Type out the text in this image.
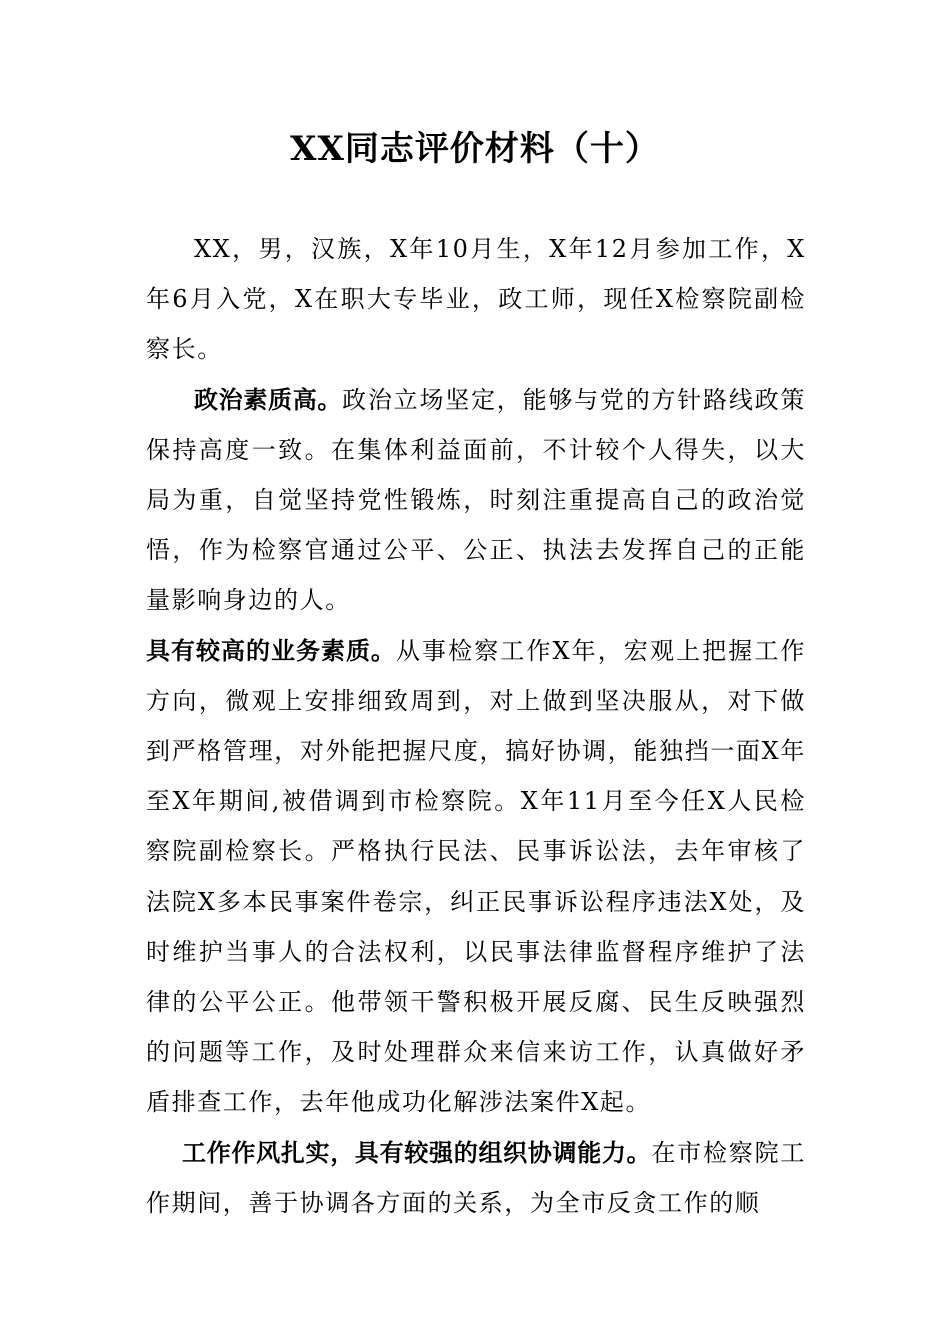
XX同志评价材料（十）

XX，男，汉族，X年10月生，X年12月参加工作，X年6月入党，X在职大专毕业，政工师，现任X检察院副检察长。

政治素质高。政治立场坚定，能够与党的方针路线政策保持高度一致。在集体利益面前，不计较个人得失，以大局为重，自觉坚持党性锻炼，时刻注重提高自己的政治觉悟，作为检察官通过公平、公正、执法去发挥自己的正能量影响身边的人。

具有较高的业务素质。从事检察工作X年，宏观上把握工作方向，微观上安排细致周到，对上做到坚决服从，对下做到严格管理，对外能把握尺度，搞好协调，能独挡一面X年至X年期间,被借调到市检察院。X年11月至今任X人民检察院副检察长。严格执行民法、民事诉讼法，去年审核了法院X多本民事案件卷宗，纠正民事诉讼程序违法X处，及时维护当事人的合法权利，以民事法律监督程序维护了法律的公平公正。他带领干警积极开展反腐、民生反映强烈的问题等工作，及时处理群众来信来访工作，认真做好矛盾排查工作，去年他成功化解涉法案件X起。

工作作风扎实，具有较强的组织协调能力。在市检察院工作期间，善于协调各方面的关系，为全市反贪工作的顺
